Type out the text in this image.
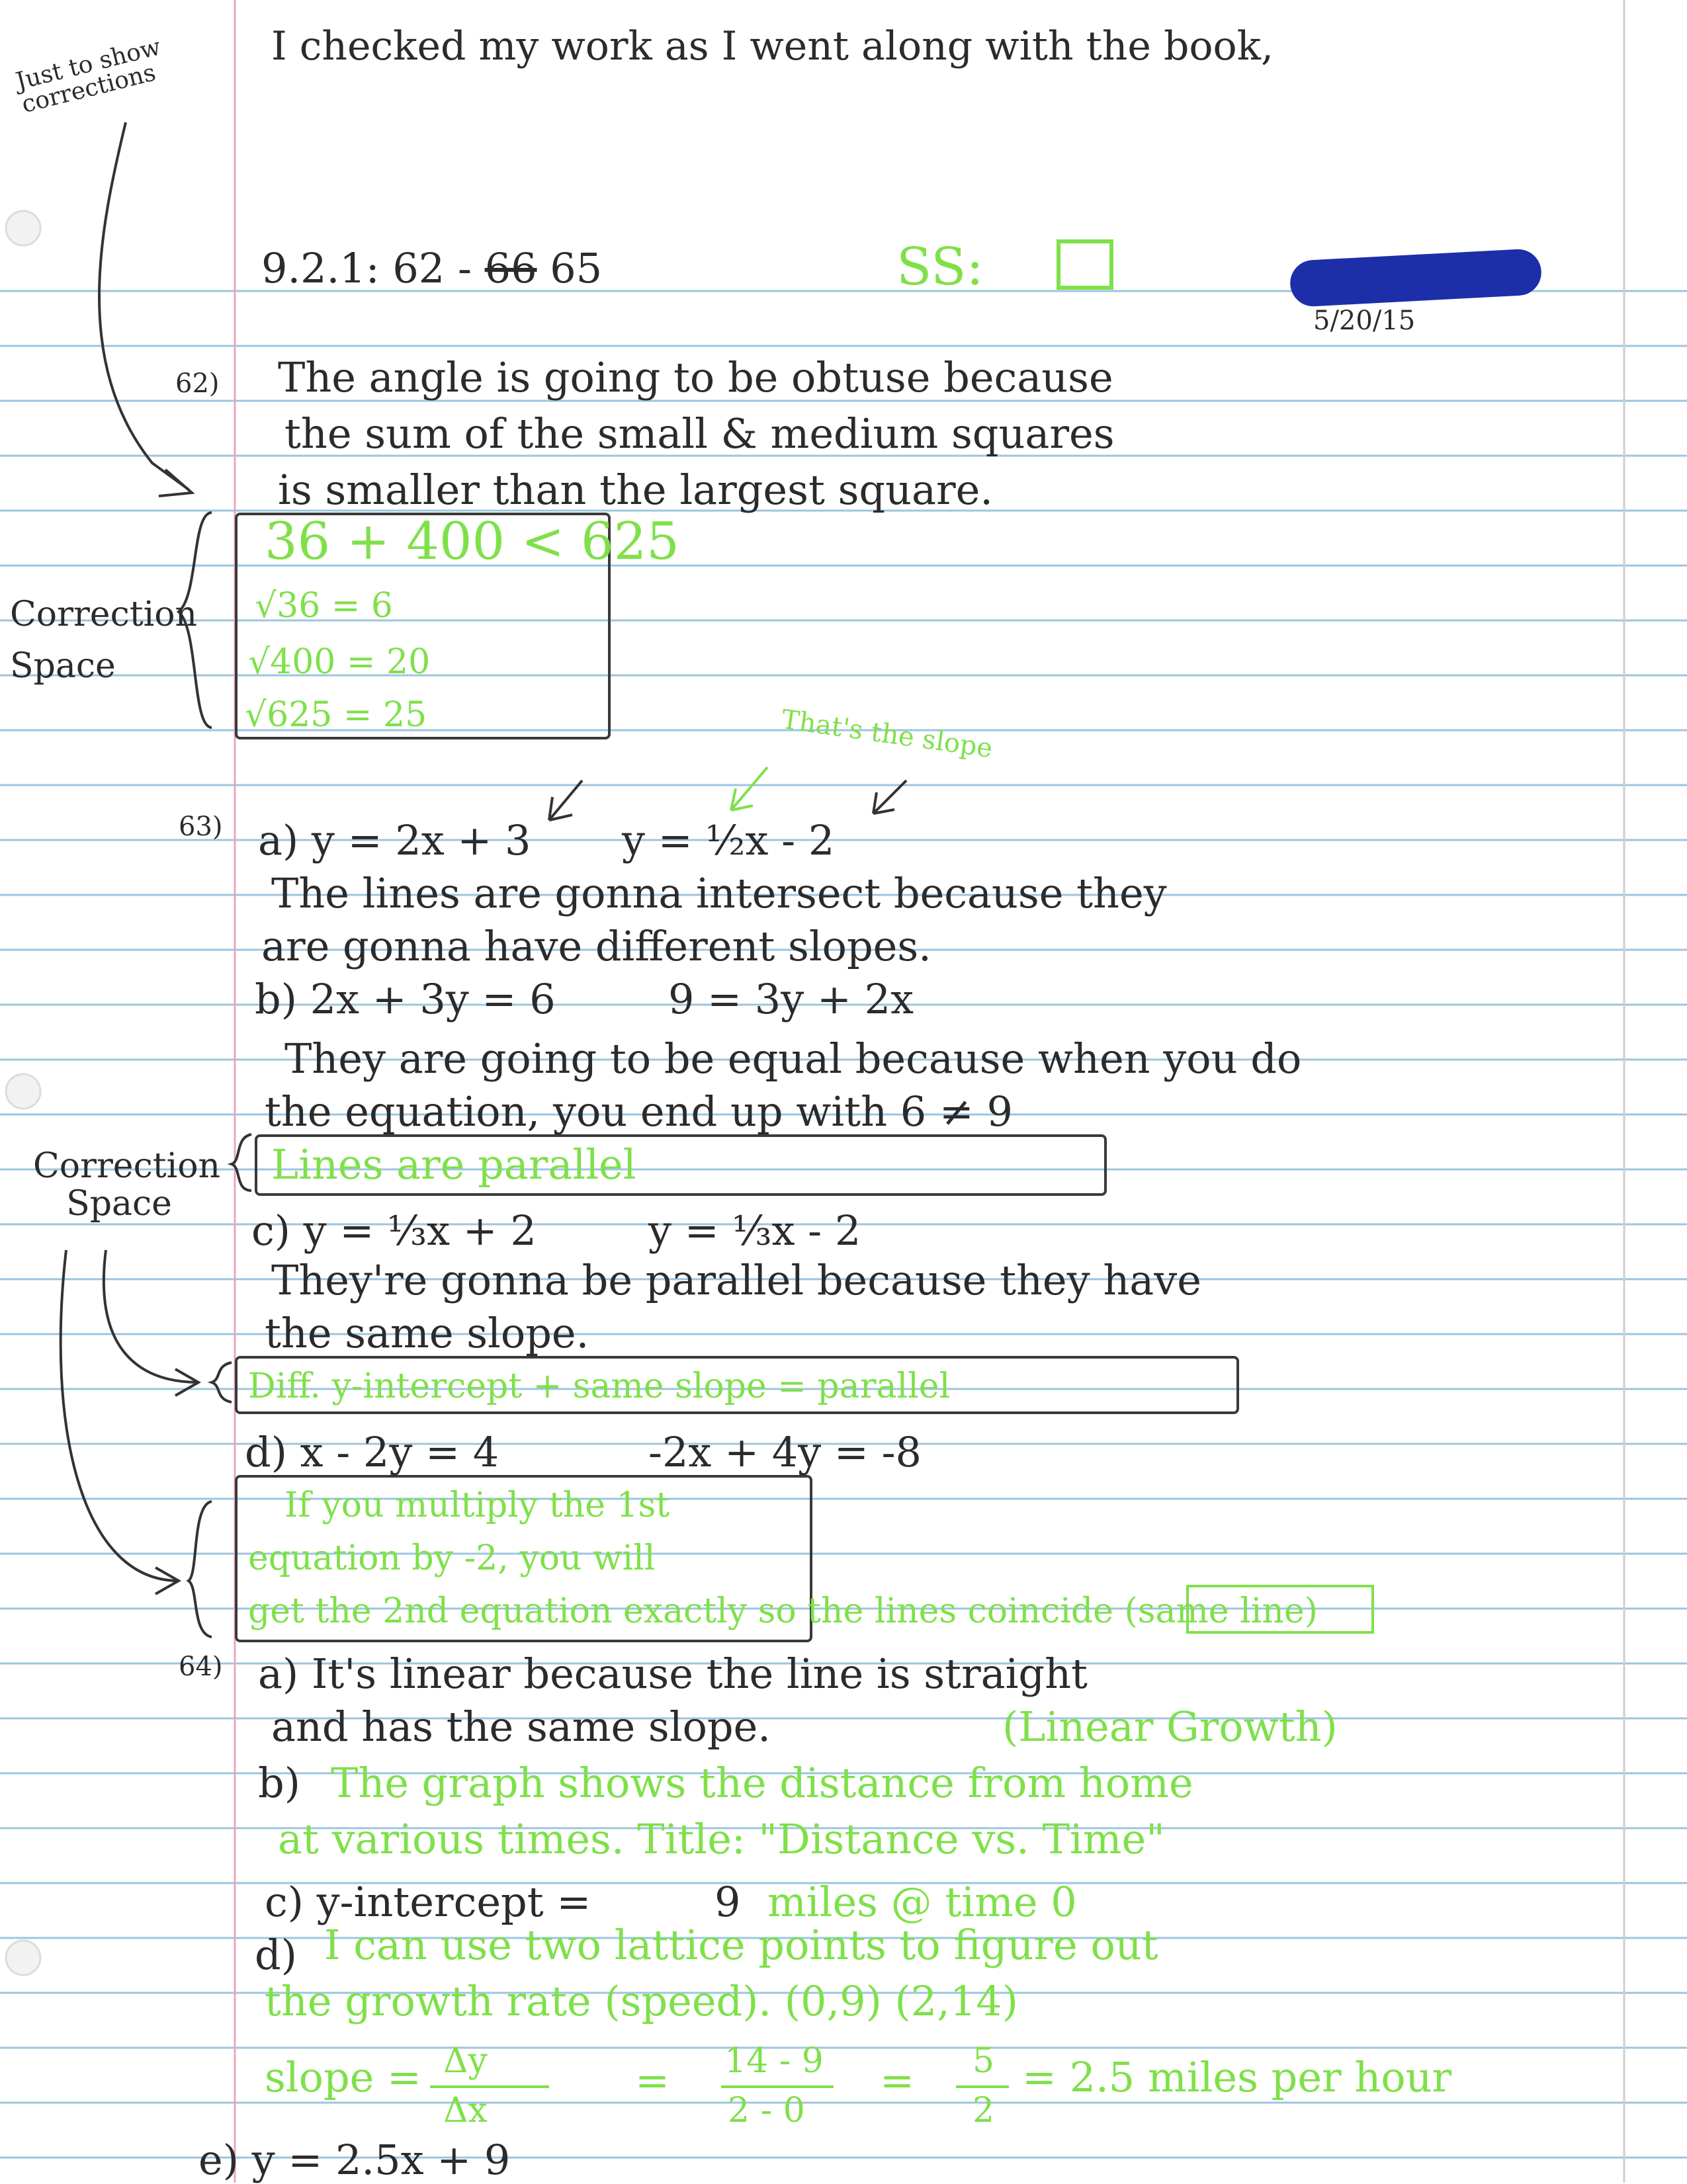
I checked my work as I went along with the book,
Just to show corrections
9.2.1: 62 - 66 65	SS:
5/20/15
62) The angle is going to be obtuse because
the sum of the small & medium squares
is smaller than the largest square.
36 + 400 < 625
√36 = 6
√400 = 20
√625 = 25
Correction Space
That's the slope
63) a) y = 2x + 3 y = ½x - 2
The lines are gonna intersect because they
are gonna have different slopes.
b) 2x + 3y = 6	9 = 3y + 2x
They are going to be equal because when you do
the equation, you end up with 6 ≠ 9
Lines are parallel
Correction Space
c) y = ⅓x + 2	y = ⅓x - 2
They're gonna be parallel because they have
the same slope.
Diff. y-intercept + same slope = parallel
d) x - 2y = 4	-2x + 4y = -8
If you multiply the 1st
equation by -2, you will
get the 2nd equation exactly so the lines coincide (same line)
64) a) It's linear because the line is straight
and has the same slope.	(Linear Growth)
b) The graph shows the distance from home
at various times. Title: "Distance vs. Time"
c) y-intercept =	9 miles @ time 0
d) I can use two lattice points to figure out
the growth rate (speed). (0,9) (2,14)
slope = Δy
Δx
= 14 - 9
2 - 0
= 5
2
= 2.5 miles per hour
e) y = 2.5x + 9
